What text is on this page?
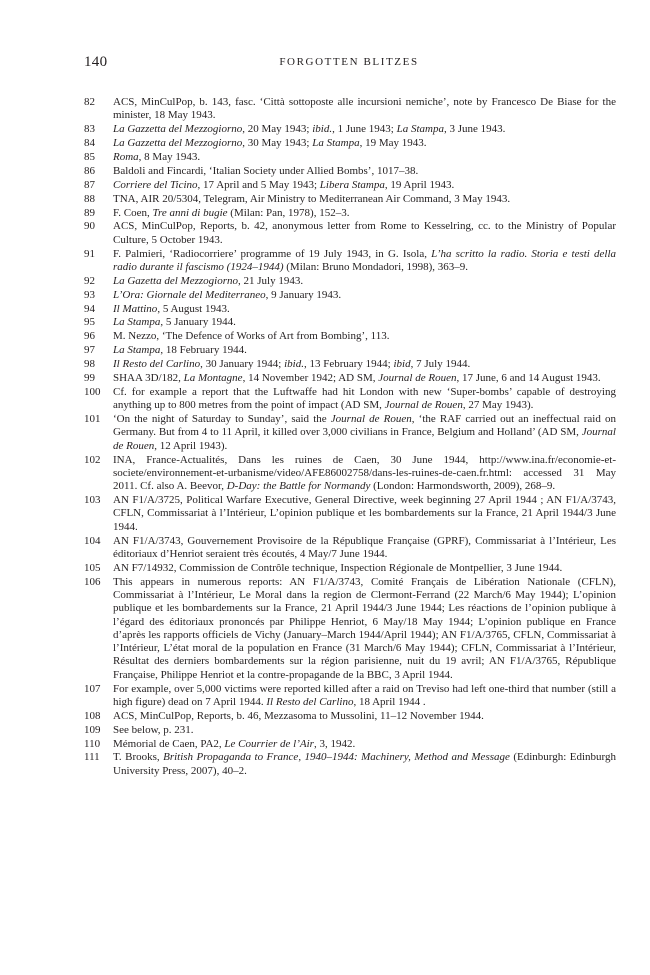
140	FORGOTTEN BLITZES
82	ACS, MinCulPop, b. 143, fasc. ‘Città sottoposte alle incursioni nemiche’, note by Francesco De Biase for the minister, 18 May 1943.
83	La Gazzetta del Mezzogiorno, 20 May 1943; ibid., 1 June 1943; La Stampa, 3 June 1943.
84	La Gazzetta del Mezzogiorno, 30 May 1943; La Stampa, 19 May 1943.
85	Roma, 8 May 1943.
86	Baldoli and Fincardi, ‘Italian Society under Allied Bombs’, 1017–38.
87	Corriere del Ticino, 17 April and 5 May 1943; Libera Stampa, 19 April 1943.
88	TNA, AIR 20/5304, Telegram, Air Ministry to Mediterranean Air Command, 3 May 1943.
89	F. Coen, Tre anni di bugie (Milan: Pan, 1978), 152–3.
90	ACS, MinCulPop, Reports, b. 42, anonymous letter from Rome to Kesselring, cc. to the Ministry of Popular Culture, 5 October 1943.
91	F. Palmieri, ‘Radiocorriere’ programme of 19 July 1943, in G. Isola, L’ha scritto la radio. Storia e testi della radio durante il fascismo (1924–1944) (Milan: Bruno Mondadori, 1998), 363–9.
92	La Gazetta del Mezzogiorno, 21 July 1943.
93	L’Ora: Giornale del Mediterraneo, 9 January 1943.
94	Il Mattino, 5 August 1943.
95	La Stampa, 5 January 1944.
96	M. Nezzo, ‘The Defence of Works of Art from Bombing’, 113.
97	La Stampa, 18 February 1944.
98	Il Resto del Carlino, 30 January 1944; ibid., 13 February 1944; ibid, 7 July 1944.
99	SHAA 3D/182, La Montagne, 14 November 1942; AD SM, Journal de Rouen, 17 June, 6 and 14 August 1943.
100	Cf. for example a report that the Luftwaffe had hit London with new ‘Super-bombs’ capable of destroying anything up to 800 metres from the point of impact (AD SM, Journal de Rouen, 27 May 1943).
101	‘On the night of Saturday to Sunday’, said the Journal de Rouen, ‘the RAF carried out an ineffectual raid on Germany. But from 4 to 11 April, it killed over 3,000 civilians in France, Belgium and Holland’ (AD SM, Journal de Rouen, 12 April 1943).
102	INA, France-Actualités, Dans les ruines de Caen, 30 June 1944, http://www.ina.fr/economie-et-societe/environnement-et-urbanisme/video/AFE86002758/dans-les-ruines-de-caen.fr.html: accessed 31 May 2011. Cf. also A. Beevor, D-Day: the Battle for Normandy (London: Harmondsworth, 2009), 268–9.
103	AN F1/A/3725, Political Warfare Executive, General Directive, week beginning 27 April 1944 ; AN F1/A/3743, CFLN, Commissariat à l’Intérieur, L’opinion publique et les bombardements sur la France, 21 April 1944/3 June 1944.
104	AN F1/A/3743, Gouvernement Provisoire de la République Française (GPRF), Commissariat à l’Intérieur, Les éditoriaux d’Henriot seraient très écoutés, 4 May/7 June 1944.
105	AN F7/14932, Commission de Contrôle technique, Inspection Régionale de Montpellier, 3 June 1944.
106	This appears in numerous reports: AN F1/A/3743, Comité Français de Libération Nationale (CFLN), Commissariat à l’Intérieur, Le Moral dans la region de Clermont-Ferrand (22 March/6 May 1944); L’opinion publique et les bombardements sur la France, 21 April 1944/3 June 1944; Les réactions de l’opinion publique à l’égard des éditoriaux prononcés par Philippe Henriot, 6 May/18 May 1944; L’opinion publique en France d’après les rapports officiels de Vichy (January–March 1944/April 1944); AN F1/A/3765, CFLN, Commissariat à l’Intérieur, L’état moral de la population en France (31 March/6 May 1944); CFLN, Commissariat à l’Intérieur, Résultat des derniers bombardements sur la région parisienne, nuit du 19 avril; AN F1/A/3765, République Française, Philippe Henriot et la contre-propagande de la BBC, 3 April 1944.
107	For example, over 5,000 victims were reported killed after a raid on Treviso had left one-third that number (still a high figure) dead on 7 April 1944. Il Resto del Carlino, 18 April 1944 .
108	ACS, MinCulPop, Reports, b. 46, Mezzasoma to Mussolini, 11–12 November 1944.
109	See below, p. 231.
110	Mémorial de Caen, PA2, Le Courrier de l’Air, 3, 1942.
111	T. Brooks, British Propaganda to France, 1940–1944: Machinery, Method and Message (Edinburgh: Edinburgh University Press, 2007), 40–2.
